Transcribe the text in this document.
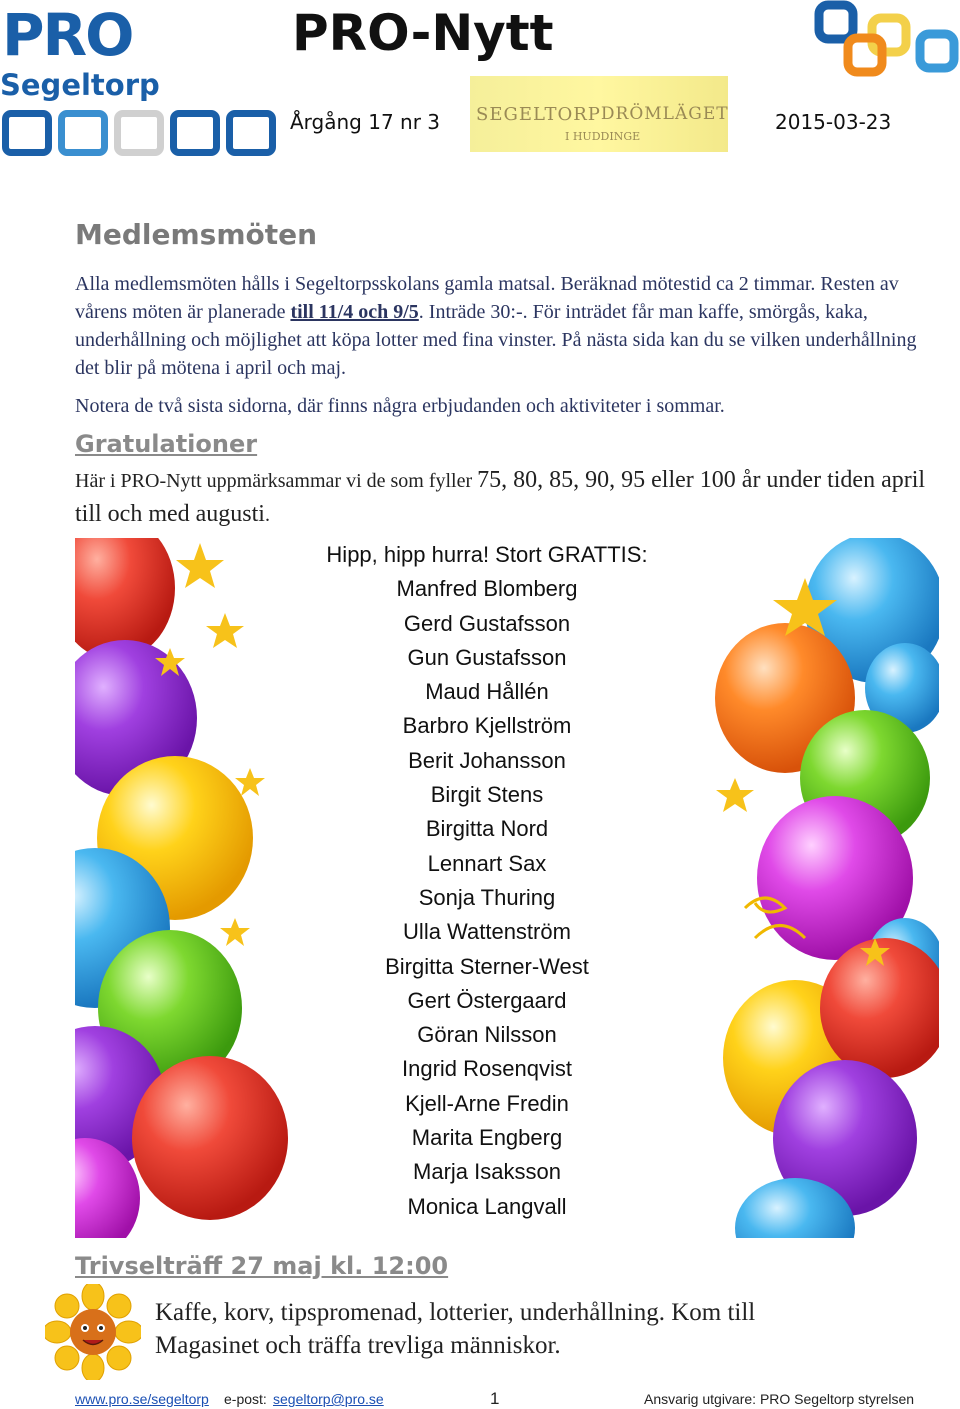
PRO
Segeltorp
PRO-Nytt
Årgång 17 nr 3	2015-03-23
SEGELTORP DRÖMLÄGET
I HUDDINGE
Medlemsmöten
Alla medlemsmöten hålls i Segeltorpsskolans gamla matsal. Beräknad mötestid ca 2 timmar. Resten av vårens möten är planerade till 11/4 och 9/5. Inträde 30:-. För inträdet får man kaffe, smörgås, kaka, underhållning och möjlighet att köpa lotter med fina vinster. På nästa sida kan du se vilken underhållning det blir på mötena i april och maj.
Notera de två sista sidorna, där finns några erbjudanden och aktiviteter i sommar.
Gratulationer
Här i PRO-Nytt uppmärksammar vi de som fyller 75, 80, 85, 90, 95 eller 100 år under tiden april till och med augusti.
Hipp, hipp hurra! Stort GRATTIS:
Manfred Blomberg
Gerd Gustafsson
Gun Gustafsson
Maud Hållén
Barbro Kjellström
Berit Johansson
Birgit Stens
Birgitta Nord
Lennart Sax
Sonja Thuring
Ulla Wattenström
Birgitta Sterner-West
Gert Östergaard
Göran Nilsson
Ingrid Rosenqvist
Kjell-Arne Fredin
Marita Engberg
Marja Isaksson
Monica Langvall
Trivselträff 27 maj kl. 12:00
Kaffe, korv, tipspromenad, lotterier, underhållning. Kom till Magasinet och träffa trevliga människor.
www.pro.se/segeltorp e-post: segeltorp@pro.se	1	Ansvarig utgivare: PRO Segeltorp styrelsen
